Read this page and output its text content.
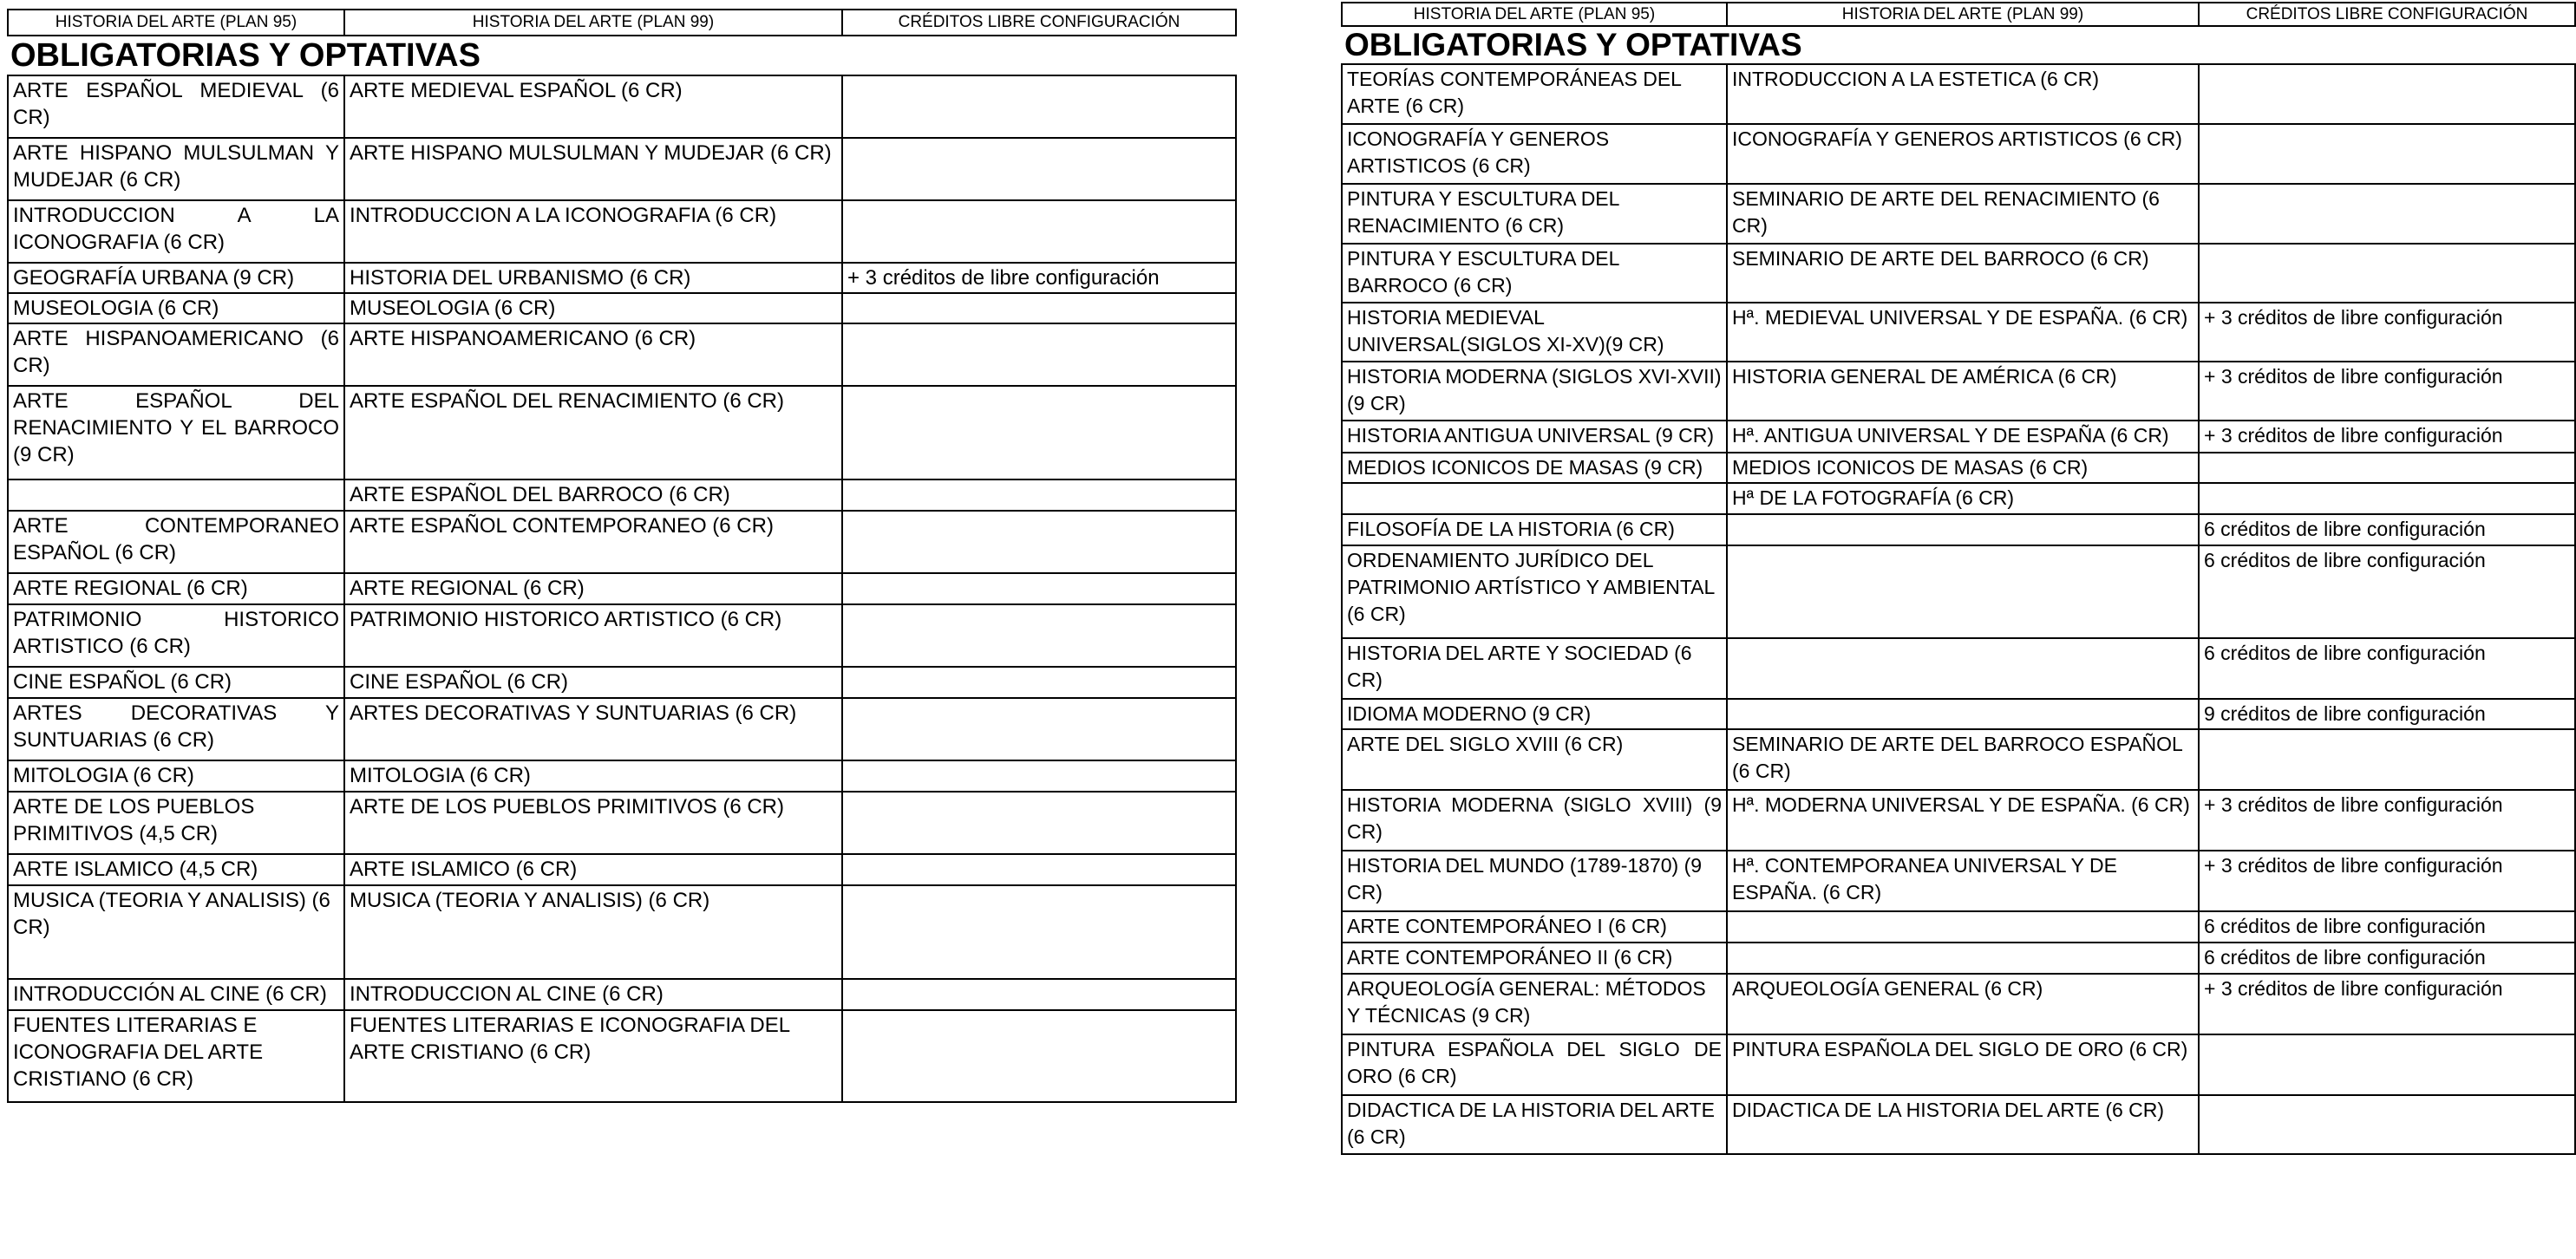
HISTORIA DEL ARTE (PLAN 95)	HISTORIA DEL ARTE (PLAN 99)	CRÉDITOS LIBRE CONFIGURACIÓN
OBLIGATORIAS Y OPTATIVAS
ARTE ESPAÑOL MEDIEVAL (6 CR)	ARTE MEDIEVAL ESPAÑOL (6 CR)	
ARTE HISPANO MULSULMAN Y MUDEJAR (6 CR)	ARTE HISPANO MULSULMAN Y MUDEJAR (6 CR)	
INTRODUCCION A LA ICONOGRAFIA (6 CR)	INTRODUCCION A LA ICONOGRAFIA (6 CR)	
GEOGRAFÍA URBANA (9 CR)	HISTORIA DEL URBANISMO (6 CR)	+ 3 créditos de libre configuración
MUSEOLOGIA (6 CR)	MUSEOLOGIA (6 CR)	
ARTE HISPANOAMERICANO (6 CR)	ARTE HISPANOAMERICANO (6 CR)	
ARTE ESPAÑOL DEL RENACIMIENTO Y EL BARROCO (9 CR)	ARTE ESPAÑOL DEL RENACIMIENTO (6 CR)	
	ARTE ESPAÑOL DEL BARROCO (6 CR)	
ARTE CONTEMPORANEO ESPAÑOL (6 CR)	ARTE ESPAÑOL CONTEMPORANEO (6 CR)	
ARTE REGIONAL (6 CR)	ARTE REGIONAL (6 CR)	
PATRIMONIO HISTORICO ARTISTICO (6 CR)	PATRIMONIO HISTORICO ARTISTICO (6 CR)	
CINE ESPAÑOL (6 CR)	CINE ESPAÑOL (6 CR)	
ARTES DECORATIVAS Y SUNTUARIAS (6 CR)	ARTES DECORATIVAS Y SUNTUARIAS (6 CR)	
MITOLOGIA (6 CR)	MITOLOGIA (6 CR)	
ARTE DE LOS PUEBLOS PRIMITIVOS (4,5 CR)	ARTE DE LOS PUEBLOS PRIMITIVOS (6 CR)	
ARTE ISLAMICO (4,5 CR)	ARTE ISLAMICO (6 CR)	
MUSICA (TEORIA Y ANALISIS) (6 CR)	MUSICA (TEORIA Y ANALISIS) (6 CR)	
INTRODUCCIÓN AL CINE (6 CR)	INTRODUCCION AL CINE (6 CR)	
FUENTES LITERARIAS E ICONOGRAFIA DEL ARTE CRISTIANO (6 CR)	FUENTES LITERARIAS E ICONOGRAFIA DEL ARTE CRISTIANO (6 CR)	
HISTORIA DEL ARTE (PLAN 95)	HISTORIA DEL ARTE (PLAN 99)	CRÉDITOS LIBRE CONFIGURACIÓN
OBLIGATORIAS Y OPTATIVAS
TEORÍAS CONTEMPORÁNEAS DEL ARTE (6 CR)	INTRODUCCION A LA ESTETICA (6 CR)	
ICONOGRAFÍA Y GENEROS ARTISTICOS (6 CR)	ICONOGRAFÍA Y GENEROS ARTISTICOS (6 CR)	
PINTURA Y ESCULTURA DEL RENACIMIENTO (6 CR)	SEMINARIO DE ARTE DEL RENACIMIENTO (6 CR)	
PINTURA Y ESCULTURA DEL BARROCO (6 CR)	SEMINARIO DE ARTE DEL BARROCO (6 CR)	
HISTORIA MEDIEVAL UNIVERSAL(SIGLOS XI-XV)(9 CR)	Hª. MEDIEVAL UNIVERSAL Y DE ESPAÑA. (6 CR)	+ 3 créditos de libre configuración
HISTORIA MODERNA (SIGLOS XVI-XVII) (9 CR)	HISTORIA GENERAL DE AMÉRICA (6 CR)	+ 3 créditos de libre configuración
HISTORIA ANTIGUA UNIVERSAL (9 CR)	Hª. ANTIGUA UNIVERSAL Y DE ESPAÑA (6 CR)	+ 3 créditos de libre configuración
MEDIOS ICONICOS DE MASAS (9 CR)	MEDIOS ICONICOS DE MASAS (6 CR)	
	Hª DE LA FOTOGRAFÍA (6 CR)	
FILOSOFÍA DE LA HISTORIA (6 CR)		6 créditos de libre configuración
ORDENAMIENTO JURÍDICO DEL PATRIMONIO ARTÍSTICO Y AMBIENTAL (6 CR)		6 créditos de libre configuración
HISTORIA DEL ARTE Y SOCIEDAD (6 CR)		6 créditos de libre configuración
IDIOMA MODERNO (9 CR)		9 créditos de libre configuración
ARTE DEL SIGLO XVIII (6 CR)	SEMINARIO DE ARTE DEL BARROCO ESPAÑOL (6 CR)	
HISTORIA MODERNA (SIGLO XVIII) (9 CR)	Hª. MODERNA UNIVERSAL Y DE ESPAÑA. (6 CR)	+ 3 créditos de libre configuración
HISTORIA DEL MUNDO (1789-1870) (9 CR)	Hª. CONTEMPORANEA UNIVERSAL Y DE ESPAÑA. (6 CR)	+ 3 créditos de libre configuración
ARTE CONTEMPORÁNEO I (6 CR)		6 créditos de libre configuración
ARTE CONTEMPORÁNEO II (6 CR)		6 créditos de libre configuración
ARQUEOLOGÍA GENERAL: MÉTODOS Y TÉCNICAS (9 CR)	ARQUEOLOGÍA GENERAL (6 CR)	+ 3 créditos de libre configuración
PINTURA ESPAÑOLA DEL SIGLO DE ORO (6 CR)	PINTURA ESPAÑOLA DEL SIGLO DE ORO (6 CR)	
DIDACTICA DE LA HISTORIA DEL ARTE (6 CR)	DIDACTICA DE LA HISTORIA DEL ARTE (6 CR)	
